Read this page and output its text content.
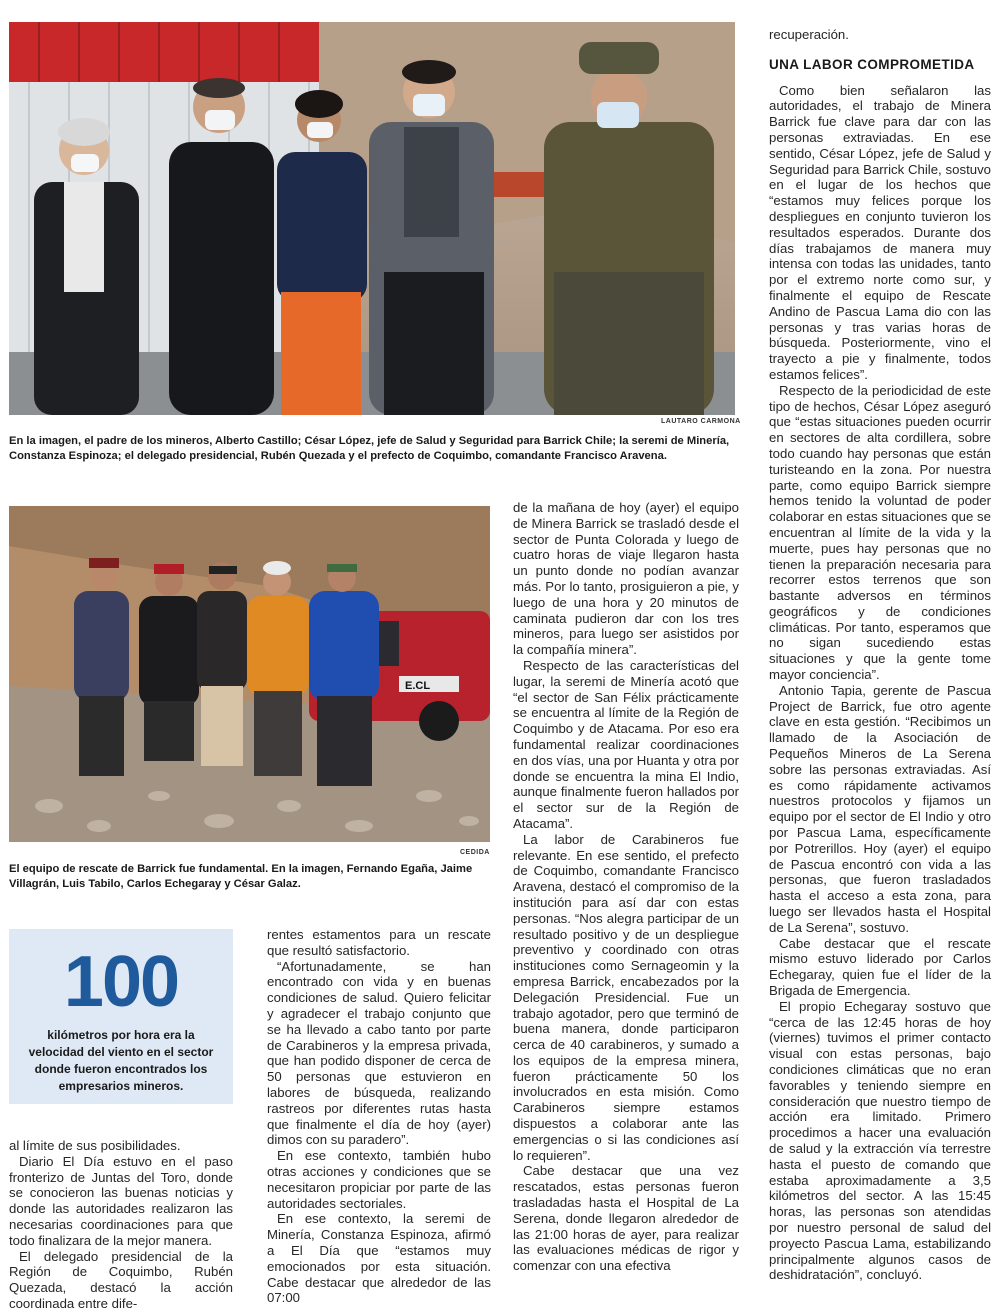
LAUTARO CARMONA
En la imagen, el padre de los mineros, Alberto Castillo; César López, jefe de Salud y Seguridad para Barrick Chile; la seremi de Minería, Constanza Espinoza; el delegado presidencial, Rubén Quezada y el prefecto de Coquimbo, comandante Francisco Aravena.
E.CL
CEDIDA
El equipo de rescate de Barrick fue fundamental. En la imagen, Fernando Egaña, Jaime Villagrán, Luis Tabilo, Carlos Echegaray y César Galaz.
100
kilómetros por hora era la velocidad del viento en el sector donde fueron encontrados los empresarios mineros.

al límite de sus posibilidades.

Diario El Día estuvo en el paso fronterizo de Juntas del Toro, donde se conocieron las buenas noticias y donde las autoridades realizaron las necesarias coordinaciones para que todo finalizara de la mejor manera.

El delegado presidencial de la Región de Coquimbo, Rubén Quezada, destacó la acción coordinada entre dife-

rentes estamentos para un rescate que resultó satisfactorio.

“Afortunadamente, se han encontrado con vida y en buenas condiciones de salud. Quiero felicitar y agradecer el trabajo conjunto que se ha llevado a cabo tanto por parte de Carabineros y la empresa privada, que han podido disponer de cerca de 50 personas que estuvieron en labores de búsqueda, realizando rastreos por diferentes rutas hasta que finalmente el día de hoy (ayer) dimos con su paradero”.

En ese contexto, también hubo otras acciones y condiciones que se necesitaron propiciar por parte de las autoridades sectoriales.

En ese contexto, la seremi de Minería, Constanza Espinoza, afirmó a El Día que “estamos muy emocionados por esta situación. Cabe destacar que alrededor de las 07:00

de la mañana de hoy (ayer) el equipo de Minera Barrick se trasladó desde el sector de Punta Colorada y luego de cuatro horas de viaje llegaron hasta un punto donde no podían avanzar más. Por lo tanto, prosiguieron a pie, y luego de una hora y 20 minutos de caminata pudieron dar con los tres mineros, para luego ser asistidos por la compañía minera”.

Respecto de las características del lugar, la seremi de Minería acotó que “el sector de San Félix prácticamente se encuentra al límite de la Región de Coquimbo y de Atacama. Por eso era fundamental realizar coordinaciones en dos vías, una por Huanta y otra por donde se encuentra la mina El Indio, aunque finalmente fueron hallados por el sector sur de la Región de Atacama”.

La labor de Carabineros fue relevante. En ese sentido, el prefecto de Coquimbo, comandante Francisco Aravena, destacó el compromiso de la institución para así dar con estas personas. “Nos alegra participar de un resultado positivo y de un despliegue preventivo y coordinado con otras instituciones como Sernageomin y la empresa Barrick, encabezados por la Delegación Presidencial. Fue un trabajo agotador, pero que terminó de buena manera, donde participaron cerca de 40 carabineros, y sumado a los equipos de la empresa minera, fueron prácticamente 50 los involucrados en esta misión. Como Carabineros siempre estamos dispuestos a colaborar ante las emergencias o si las condiciones así lo requieren”.

Cabe destacar que una vez rescatados, estas personas fueron trasladadas hasta el Hospital de La Serena, donde llegaron alrededor de las 21:00 horas de ayer, para realizar las evaluaciones médicas de rigor y comenzar con una efectiva

recuperación.

UNA LABOR COMPROMETIDA

Como bien señalaron las autoridades, el trabajo de Minera Barrick fue clave para dar con las personas extraviadas. En ese sentido, César López, jefe de Salud y Seguridad para Barrick Chile, sostuvo en el lugar de los hechos que “estamos muy felices porque los despliegues en conjunto tuvieron los resultados esperados. Durante dos días trabajamos de manera muy intensa con todas las unidades, tanto por el extremo norte como sur, y finalmente el equipo de Rescate Andino de Pascua Lama dio con las personas y tras varias horas de búsqueda. Posteriormente, vino el trayecto a pie y finalmente, todos estamos felices”.

Respecto de la periodicidad de este tipo de hechos, César López aseguró que “estas situaciones pueden ocurrir en sectores de alta cordillera, sobre todo cuando hay personas que están turisteando en la zona. Por nuestra parte, como equipo Barrick siempre hemos tenido la voluntad de poder colaborar en estas situaciones que se encuentran al límite de la vida y la muerte, pues hay personas que no tienen la preparación necesaria para recorrer estos terrenos que son bastante adversos en términos geográficos y de condiciones climáticas. Por tanto, esperamos que no sigan sucediendo estas situaciones y que la gente tome mayor conciencia”.

Antonio Tapia, gerente de Pascua Project de Barrick, fue otro agente clave en esta gestión. “Recibimos un llamado de la Asociación de Pequeños Mineros de La Serena sobre las personas extraviadas. Así es como rápidamente activamos nuestros protocolos y fijamos un equipo por el sector de El Indio y otro por Pascua Lama, específicamente por Potrerillos. Hoy (ayer) el equipo de Pascua encontró con vida a las personas, que fueron trasladados hasta el acceso a esta zona, para luego ser llevados hasta el Hospital de La Serena”, sostuvo.

Cabe destacar que el rescate mismo estuvo liderado por Carlos Echegaray, quien fue el líder de la Brigada de Emergencia.

El propio Echegaray sostuvo que “cerca de las 12:45 horas de hoy (viernes) tuvimos el primer contacto visual con estas personas, bajo condiciones climáticas que no eran favorables y teniendo siempre en consideración que nuestro tiempo de acción era limitado. Primero procedimos a hacer una evaluación de salud y la extracción vía terrestre hasta el puesto de comando que estaba aproximadamente a 3,5 kilómetros del sector. A las 15:45 horas, las personas son atendidas por nuestro personal de salud del proyecto Pascua Lama, estabilizando principalmente algunos casos de deshidratación”, concluyó.
